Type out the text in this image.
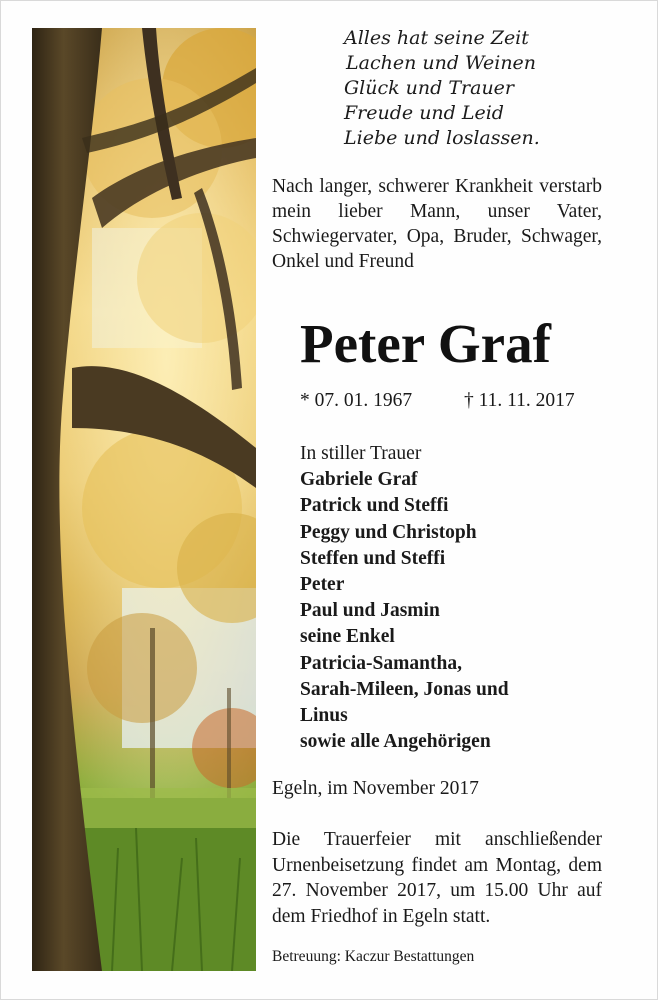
Alles hat seine Zeit
Lachen und Weinen
Glück und Trauer
Freude und Leid
Liebe und loslassen.
Nach langer, schwerer Krankheit verstarb mein lieber Mann, unser Vater, Schwiegervater, Opa, Bruder, Schwager, Onkel und Freund
Peter Graf
* 07. 01. 1967	† 11. 11. 2017
In stiller Trauer
Gabriele Graf
Patrick und Steffi
Peggy und Christoph
Steffen und Steffi
Peter
Paul und Jasmin
seine Enkel
Patricia-Samantha,
Sarah-Mileen, Jonas und
Linus
sowie alle Angehörigen
Egeln, im November 2017
Die Trauerfeier mit anschließender Urnenbeisetzung findet am Montag, dem 27. November 2017, um 15.00 Uhr auf dem Friedhof in Egeln statt.
Betreuung: Kaczur Bestattungen
